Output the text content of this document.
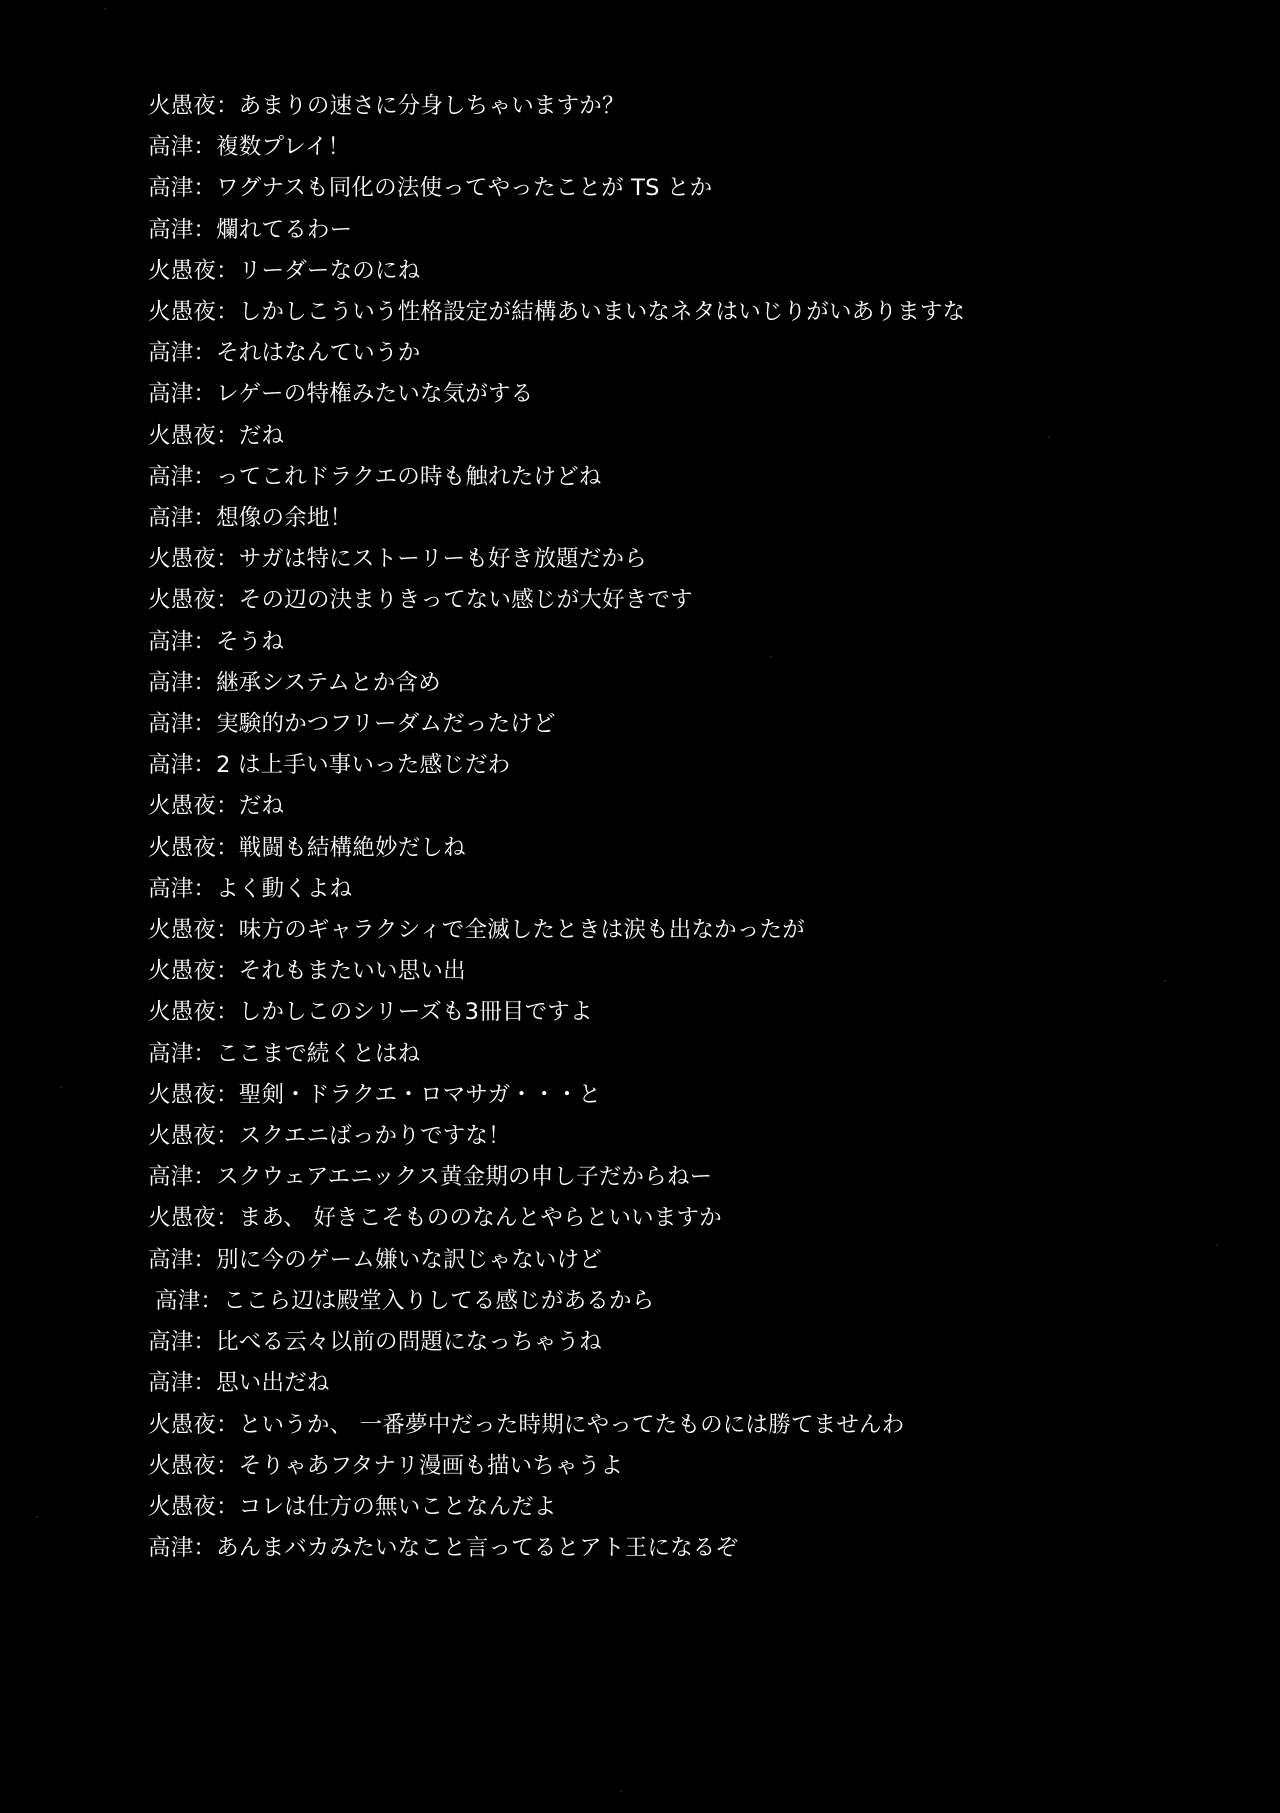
火愚夜：あまりの速さに分身しちゃいますか？
高津：複数プレイ！
高津：ワグナスも同化の法使ってやったことが TS とか
高津：爛れてるわー
火愚夜：リーダーなのにね
火愚夜：しかしこういう性格設定が結構あいまいなネタはいじりがいありますな
高津：それはなんていうか
高津：レゲーの特権みたいな気がする
火愚夜：だね
高津：ってこれドラクエの時も触れたけどね
高津：想像の余地！
火愚夜：サガは特にストーリーも好き放題だから
火愚夜：その辺の決まりきってない感じが大好きです
高津：そうね
高津：継承システムとか含め
高津：実験的かつフリーダムだったけど
高津：2 は上手い事いった感じだわ
火愚夜：だね
火愚夜：戦闘も結構絶妙だしね
高津：よく動くよね
火愚夜：味方のギャラクシィで全滅したときは涙も出なかったが
火愚夜：それもまたいい思い出
火愚夜：しかしこのシリーズも3冊目ですよ
高津：ここまで続くとはね
火愚夜：聖剣・ドラクエ・ロマサガ・・・と
火愚夜：スクエニばっかりですな！
高津：スクウェアエニックス黄金期の申し子だからねー
火愚夜：まあ、 好きこそもののなんとやらといいますか
高津：別に今のゲーム嫌いな訳じゃないけど
高津：ここら辺は殿堂入りしてる感じがあるから
高津：比べる云々以前の問題になっちゃうね
高津：思い出だね
火愚夜：というか、 一番夢中だった時期にやってたものには勝てませんわ
火愚夜：そりゃあフタナリ漫画も描いちゃうよ
火愚夜：コレは仕方の無いことなんだよ
高津：あんまバカみたいなこと言ってるとアト王になるぞ
